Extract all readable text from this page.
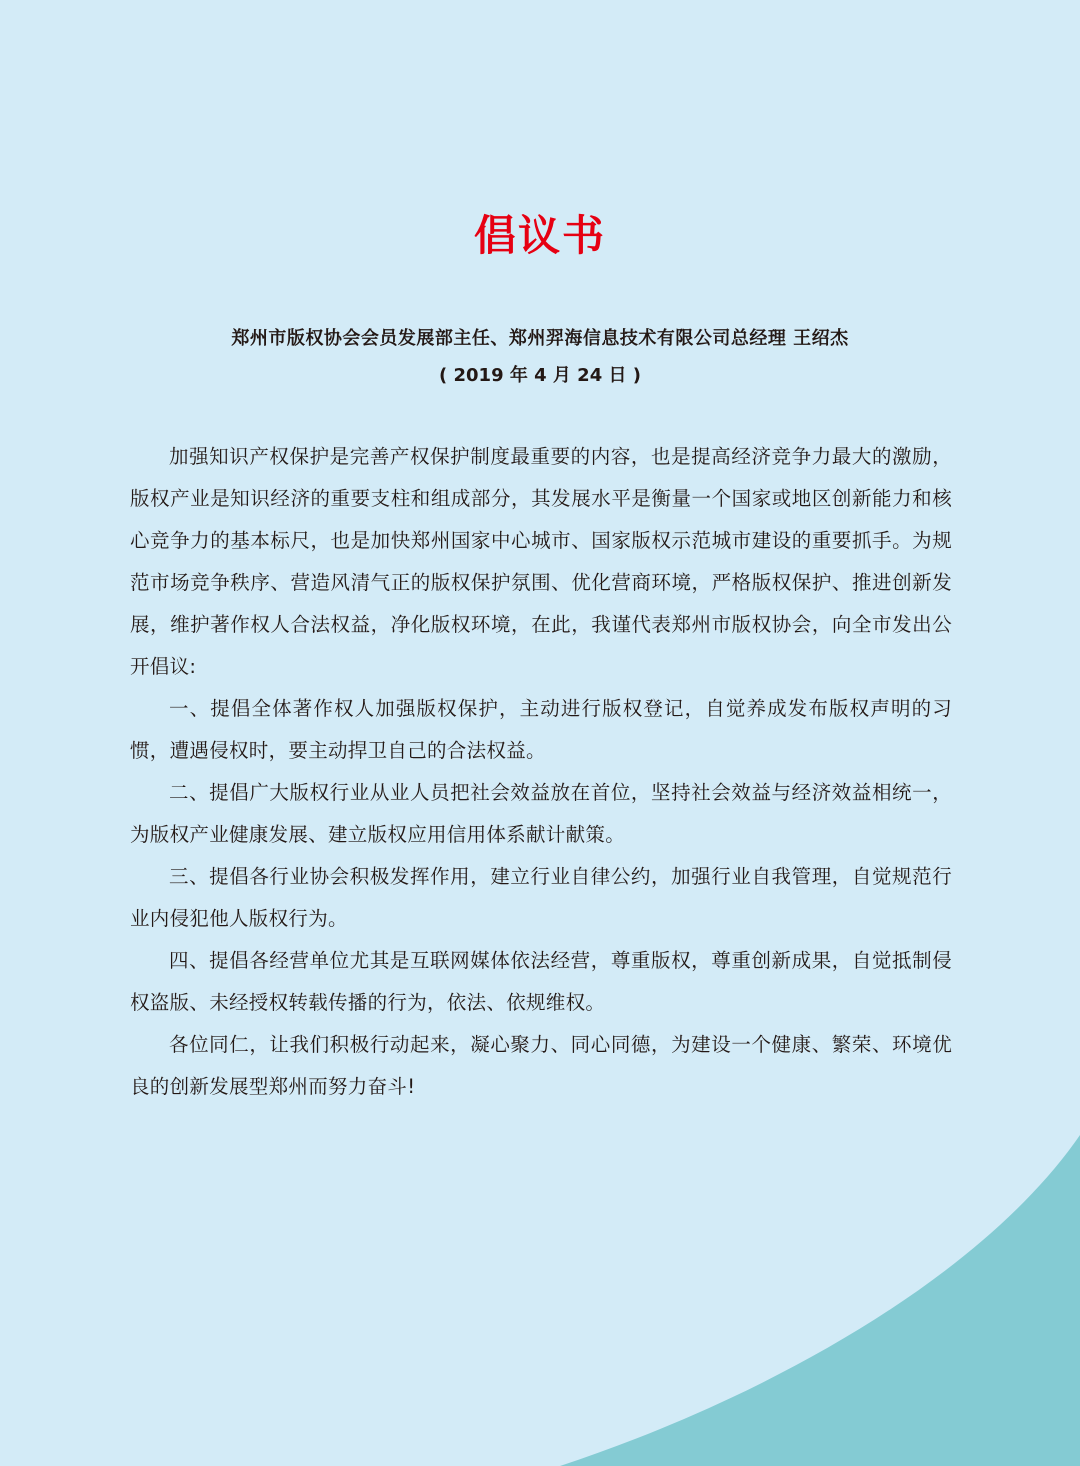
倡议书
郑州市版权协会会员发展部主任、郑州羿海信息技术有限公司总经理 王绍杰
( 2019 年 4 月 24 日 )

加强知识产权保护是完善产权保护制度最重要的内容，也是提高经济竞争力最大的激励，版权产业是知识经济的重要支柱和组成部分，其发展水平是衡量一个国家或地区创新能力和核心竞争力的基本标尺，也是加快郑州国家中心城市、国家版权示范城市建设的重要抓手。为规范市场竞争秩序、营造风清气正的版权保护氛围、优化营商环境，严格版权保护、推进创新发展，维护著作权人合法权益，净化版权环境，在此，我谨代表郑州市版权协会，向全市发出公开倡议:

一、提倡全体著作权人加强版权保护，主动进行版权登记，自觉养成发布版权声明的习惯，遭遇侵权时，要主动捍卫自己的合法权益。

二、提倡广大版权行业从业人员把社会效益放在首位，坚持社会效益与经济效益相统一，为版权产业健康发展、建立版权应用信用体系献计献策。

三、提倡各行业协会积极发挥作用，建立行业自律公约，加强行业自我管理，自觉规范行业内侵犯他人版权行为。

四、提倡各经营单位尤其是互联网媒体依法经营，尊重版权，尊重创新成果，自觉抵制侵权盗版、未经授权转载传播的行为，依法、依规维权。

各位同仁，让我们积极行动起来，凝心聚力、同心同德，为建设一个健康、繁荣、环境优良的创新发展型郑州而努力奋斗!
